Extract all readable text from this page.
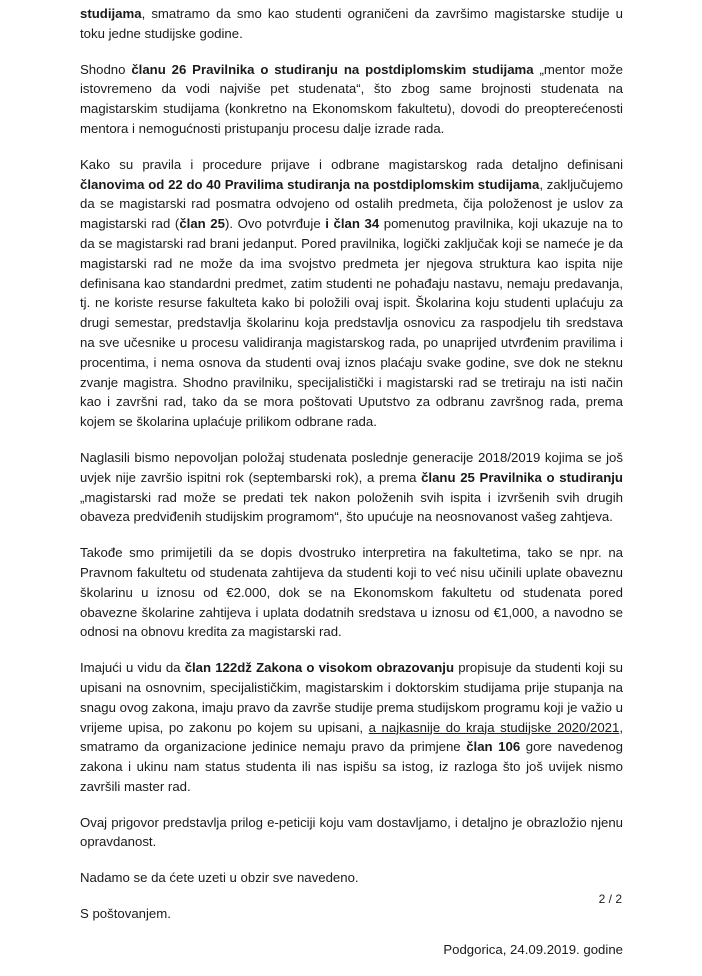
studijama, smatramo da smo kao studenti ograničeni da završimo magistarske studije u toku jedne studijske godine.

Shodno članu 26 Pravilnika o studiranju na postdiplomskim studijama „mentor može istovremeno da vodi najviše pet studenata“, što zbog same brojnosti studenata na magistarskim studijama (konkretno na Ekonomskom fakultetu), dovodi do preopterećenosti mentora i nemogućnosti pristupanju procesu dalje izrade rada.

Kako su pravila i procedure prijave i odbrane magistarskog rada detaljno definisani članovima od 22 do 40 Pravilima studiranja na postdiplomskim studijama, zaključujemo da se magistarski rad posmatra odvojeno od ostalih predmeta, čija položenost je uslov za magistarski rad (član 25). Ovo potvrđuje i član 34 pomenutog pravilnika, koji ukazuje na to da se magistarski rad brani jedanput. Pored pravilnika, logički zaključak koji se nameće je da magistarski rad ne može da ima svojstvo predmeta jer njegova struktura kao ispita nije definisana kao standardni predmet, zatim studenti ne pohađaju nastavu, nemaju predavanja, tj. ne koriste resurse fakulteta kako bi položili ovaj ispit. Školarina koju studenti uplaćuju za drugi semestar, predstavlja školarinu koja predstavlja osnovicu za raspodjelu tih sredstava na sve učesnike u procesu validiranja magistarskog rada, po unaprijed utvrđenim pravilima i procentima, i nema osnova da studenti ovaj iznos plaćaju svake godine, sve dok ne steknu zvanje magistra. Shodno pravilniku, specijalistički i magistarski rad se tretiraju na isti način kao i završni rad, tako da se mora poštovati Uputstvo za odbranu završnog rada, prema kojem se školarina uplaćuje prilikom odbrane rada.

Naglasili bismo nepovoljan položaj studenata poslednje generacije 2018/2019 kojima se još uvjek nije završio ispitni rok (septembarski rok), a prema članu 25 Pravilnika o studiranju „magistarski rad može se predati tek nakon položenih svih ispita i izvršenih svih drugih obaveza predviđenih studijskim programom“, što upućuje na neosnovanost vašeg zahtjeva.

Takođe smo primijetili da se dopis dvostruko interpretira na fakultetima, tako se npr. na Pravnom fakultetu od studenata zahtijeva da studenti koji to već nisu učinili uplate obaveznu školarinu u iznosu od €2.000, dok se na Ekonomskom fakultetu od studenata pored obavezne školarine zahtijeva i uplata dodatnih sredstava u iznosu od €1,000, a navodno se odnosi na obnovu kredita za magistarski rad.

Imajući u vidu da član 122dž Zakona o visokom obrazovanju propisuje da studenti koji su upisani na osnovnim, specijalističkim, magistarskim i doktorskim studijama prije stupanja na snagu ovog zakona, imaju pravo da završe studije prema studijskom programu koji je važio u vrijeme upisa, po zakonu po kojem su upisani, a najkasnije do kraja studijske 2020/2021, smatramo da organizacione jedinice nemaju pravo da primjene član 106 gore navedenog zakona i ukinu nam status studenta ili nas ispišu sa istog, iz razloga što još uvijek nismo završili master rad.

Ovaj prigovor predstavlja prilog e-peticiji koju vam dostavljamo, i detaljno je obrazložio njenu opravdanost.

Nadamo se da ćete uzeti u obzir sve navedeno.

S poštovanjem.

Podgorica, 24.09.2019. godine

2 / 2
